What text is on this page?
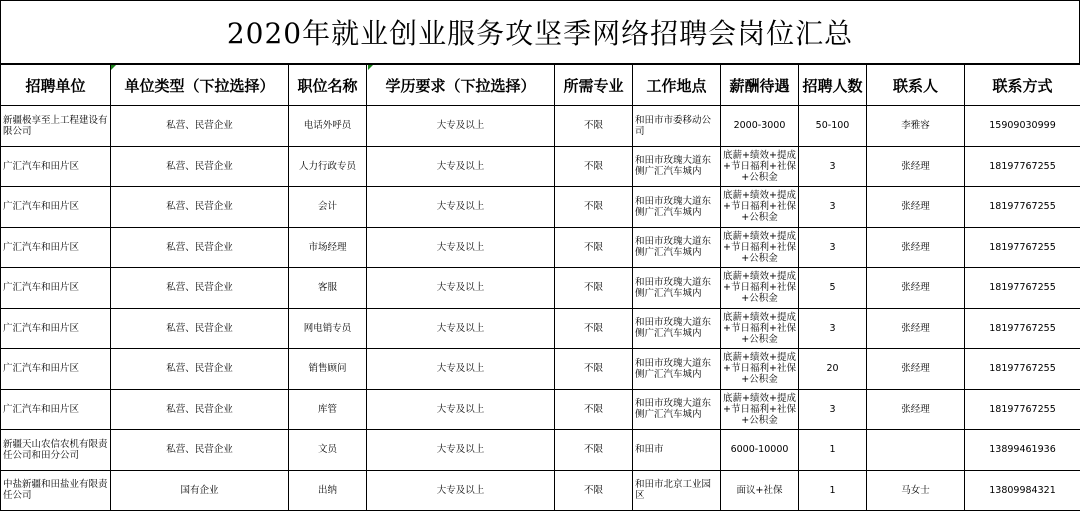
2020年就业创业服务攻坚季网络招聘会岗位汇总
招聘单位	单位类型（下拉选择）	职位名称	学历要求（下拉选择）	所需专业	工作地点	薪酬待遇	招聘人数	联系人	联系方式
新疆极享至上工程建设有限公司	私营、民营企业	电话外呼员	大专及以上	不限	和田市市委移动公司	2000-3000	50-100	李雅容	15909030999
广汇汽车和田片区	私营、民营企业	人力行政专员	大专及以上	不限	和田市玫瑰大道东侧广汇汽车城内	底薪+绩效+提成+节日福利+社保+公积金	3	张经理	18197767255
广汇汽车和田片区	私营、民营企业	会计	大专及以上	不限	和田市玫瑰大道东侧广汇汽车城内	底薪+绩效+提成+节日福利+社保+公积金	3	张经理	18197767255
广汇汽车和田片区	私营、民营企业	市场经理	大专及以上	不限	和田市玫瑰大道东侧广汇汽车城内	底薪+绩效+提成+节日福利+社保+公积金	3	张经理	18197767255
广汇汽车和田片区	私营、民营企业	客服	大专及以上	不限	和田市玫瑰大道东侧广汇汽车城内	底薪+绩效+提成+节日福利+社保+公积金	5	张经理	18197767255
广汇汽车和田片区	私营、民营企业	网电销专员	大专及以上	不限	和田市玫瑰大道东侧广汇汽车城内	底薪+绩效+提成+节日福利+社保+公积金	3	张经理	18197767255
广汇汽车和田片区	私营、民营企业	销售顾问	大专及以上	不限	和田市玫瑰大道东侧广汇汽车城内	底薪+绩效+提成+节日福利+社保+公积金	20	张经理	18197767255
广汇汽车和田片区	私营、民营企业	库管	大专及以上	不限	和田市玫瑰大道东侧广汇汽车城内	底薪+绩效+提成+节日福利+社保+公积金	3	张经理	18197767255
新疆天山农信农机有限责任公司和田分公司	私营、民营企业	文员	大专及以上	不限	和田市	6000-10000	1		13899461936
中盐新疆和田盐业有限责任公司	国有企业	出纳	大专及以上	不限	和田市北京工业园区	面议+社保	1	马女士	13809984321
